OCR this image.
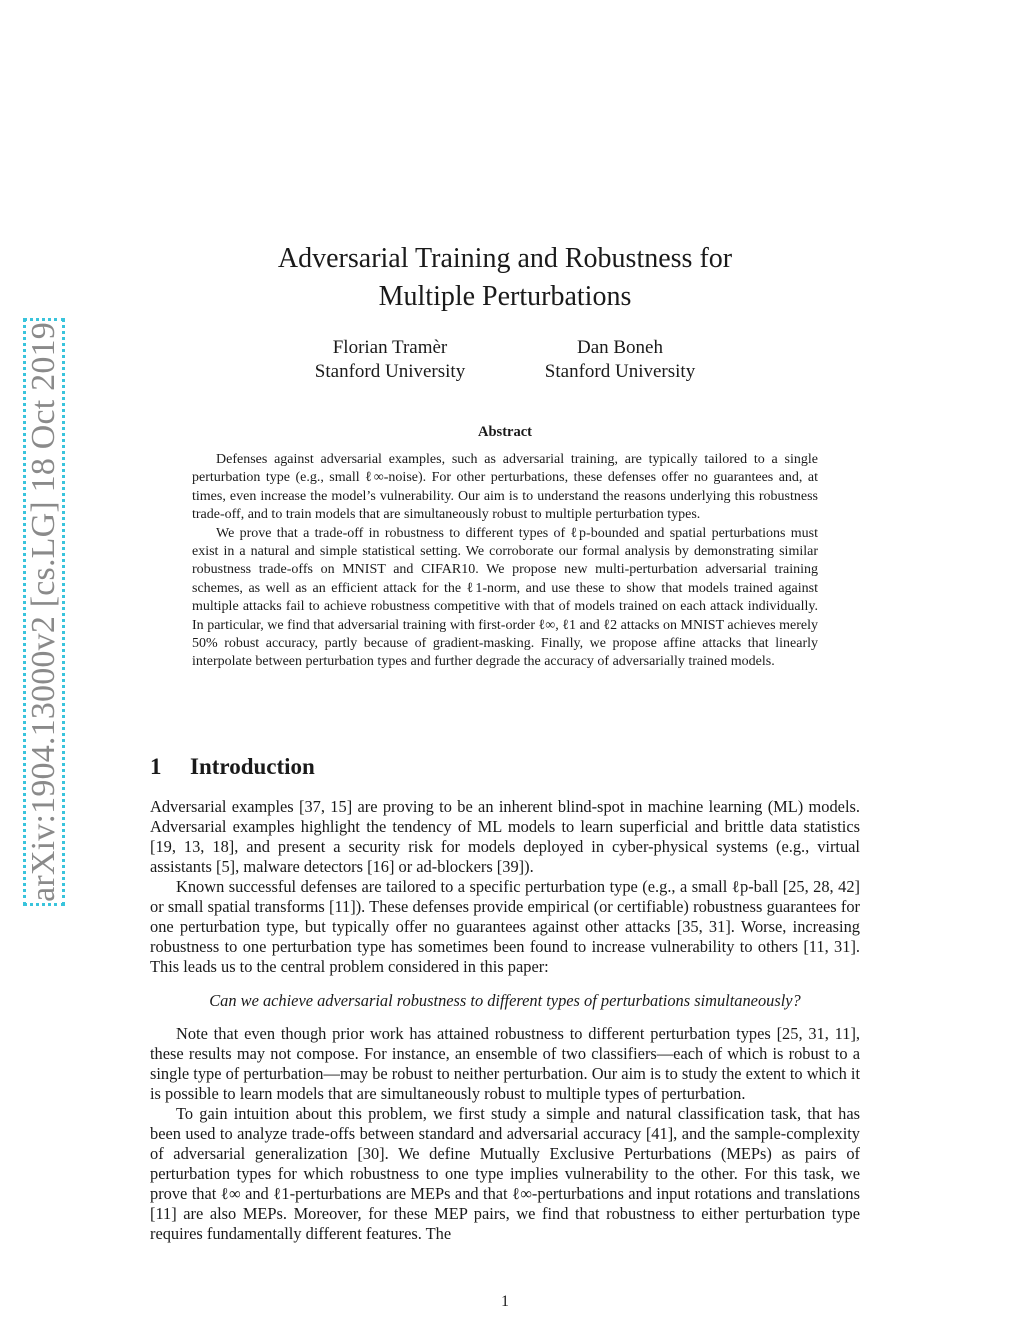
arXiv:1904.13000v2 [cs.LG] 18 Oct 2019
Adversarial Training and Robustness for
Multiple Perturbations
Florian Tramèr
Stanford University
Dan Boneh
Stanford University
Abstract

Defenses against adversarial examples, such as adversarial training, are typically tailored to a single perturbation type (e.g., small ℓ∞-noise). For other perturbations, these defenses offer no guarantees and, at times, even increase the model’s vulnerability. Our aim is to understand the reasons underlying this robustness trade-off, and to train models that are simultaneously robust to multiple perturbation types.

We prove that a trade-off in robustness to different types of ℓp-bounded and spatial perturbations must exist in a natural and simple statistical setting. We corroborate our formal analysis by demonstrating similar robustness trade-offs on MNIST and CIFAR10. We propose new multi-perturbation adversarial training schemes, as well as an efficient attack for the ℓ1-norm, and use these to show that models trained against multiple attacks fail to achieve robustness competitive with that of models trained on each attack individually. In particular, we find that adversarial training with first-order ℓ∞, ℓ1 and ℓ2 attacks on MNIST achieves merely 50% robust accuracy, partly because of gradient-masking. Finally, we propose affine attacks that linearly interpolate between perturbation types and further degrade the accuracy of adversarially trained models.

1 Introduction

Adversarial examples [37, 15] are proving to be an inherent blind-spot in machine learning (ML) models. Adversarial examples highlight the tendency of ML models to learn superficial and brittle data statistics [19, 13, 18], and present a security risk for models deployed in cyber-physical systems (e.g., virtual assistants [5], malware detectors [16] or ad-blockers [39]).

Known successful defenses are tailored to a specific perturbation type (e.g., a small ℓp-ball [25, 28, 42] or small spatial transforms [11]). These defenses provide empirical (or certifiable) robustness guarantees for one perturbation type, but typically offer no guarantees against other attacks [35, 31]. Worse, increasing robustness to one perturbation type has sometimes been found to increase vulnerability to others [11, 31]. This leads us to the central problem considered in this paper:

Can we achieve adversarial robustness to different types of perturbations simultaneously?

Note that even though prior work has attained robustness to different perturbation types [25, 31, 11], these results may not compose. For instance, an ensemble of two classifiers—each of which is robust to a single type of perturbation—may be robust to neither perturbation. Our aim is to study the extent to which it is possible to learn models that are simultaneously robust to multiple types of perturbation.

To gain intuition about this problem, we first study a simple and natural classification task, that has been used to analyze trade-offs between standard and adversarial accuracy [41], and the sample-complexity of adversarial generalization [30]. We define Mutually Exclusive Perturbations (MEPs) as pairs of perturbation types for which robustness to one type implies vulnerability to the other. For this task, we prove that ℓ∞ and ℓ1-perturbations are MEPs and that ℓ∞-perturbations and input rotations and translations [11] are also MEPs. Moreover, for these MEP pairs, we find that robustness to either perturbation type requires fundamentally different features. The

1
